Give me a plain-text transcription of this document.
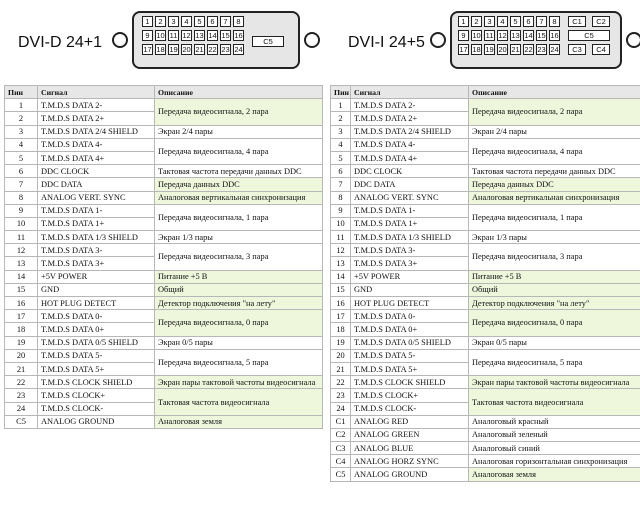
DVI-D 24+1
1	2	3	4	5	6	7	8
9 10 11 12 13 14 15 16
17 18 19 20 21 22 23 24
C5
Пин	Сигнал	Описание
1	T.M.D.S DATA 2-	Передача видеосигнала, 2 пара
2	T.M.D.S DATA 2+	
3	T.M.D.S DATA 2/4 SHIELD	Экран 2/4 пары
4	T.M.D.S DATA 4-	Передача видеосигнала, 4 пара
5	T.M.D.S DATA 4+	
6	DDC CLOCK	Тактовая частота передачи данных DDC
7	DDC DATA	Передача данных DDC
8	ANALOG VERT. SYNC	Аналоговая вертикальная синхронизация
9	T.M.D.S DATA 1-	Передача видеосигнала, 1 пара
10	T.M.D.S DATA 1+	
11	T.M.D.S DATA 1/3 SHIELD	Экран 1/3 пары
12	T.M.D.S DATA 3-	Передача видеосигнала, 3 пара
13	T.M.D.S DATA 3+	
14	+5V POWER	Питание +5 В
15	GND	Общий
16	HOT PLUG DETECT	Детектор подключения "на лету"
17	T.M.D.S DATA 0-	Передача видеосигнала, 0 пара
18	T.M.D.S DATA 0+	
19	T.M.D.S DATA 0/5 SHIELD	Экран 0/5 пары
20	T.M.D.S DATA 5-	Передача видеосигнала, 5 пара
21	T.M.D.S DATA 5+	
22	T.M.D.S CLOCK SHIELD	Экран пары тактовой частоты видеосигнала
23	T.M.D.S CLOCK+	Тактовая частота видеосигнала
24	T.M.D.S CLOCK-	
C5	ANALOG GROUND	Аналоговая земля
DVI-I 24+5
1	2	3	4	5	6	7	8
9 10 11 12 13 14 15 16
17 18 19 20 21 22 23 24
C1	C2
C5
C3	C4
Пин	Сигнал	Описание
1	T.M.D.S DATA 2-	Передача видеосигнала, 2 пара
2	T.M.D.S DATA 2+	
3	T.M.D.S DATA 2/4 SHIELD	Экран 2/4 пары
4	T.M.D.S DATA 4-	Передача видеосигнала, 4 пара
5	T.M.D.S DATA 4+	
6	DDC CLOCK	Тактовая частота передачи данных DDC
7	DDC DATA	Передача данных DDC
8	ANALOG VERT. SYNC	Аналоговая вертикальная синхронизация
9	T.M.D.S DATA 1-	Передача видеосигнала, 1 пара
10	T.M.D.S DATA 1+	
11	T.M.D.S DATA 1/3 SHIELD	Экран 1/3 пары
12	T.M.D.S DATA 3-	Передача видеосигнала, 3 пара
13	T.M.D.S DATA 3+	
14	+5V POWER	Питание +5 В
15	GND	Общий
16	HOT PLUG DETECT	Детектор подключения "на лету"
17	T.M.D.S DATA 0-	Передача видеосигнала, 0 пара
18	T.M.D.S DATA 0+	
19	T.M.D.S DATA 0/5 SHIELD	Экран 0/5 пары
20	T.M.D.S DATA 5-	Передача видеосигнала, 5 пара
21	T.M.D.S DATA 5+	
22	T.M.D.S CLOCK SHIELD	Экран пары тактовой частоты видеосигнала
23	T.M.D.S CLOCK+	Тактовая частота видеосигнала
24	T.M.D.S CLOCK-	
C1	ANALOG RED	Аналоговый красный
C2	ANALOG GREEN	Аналоговый зеленый
C3	ANALOG BLUE	Аналоговый синий
C4	ANALOG HORZ SYNC	Аналоговая горизонтальная синхронизация
C5	ANALOG GROUND	Аналоговая земля
